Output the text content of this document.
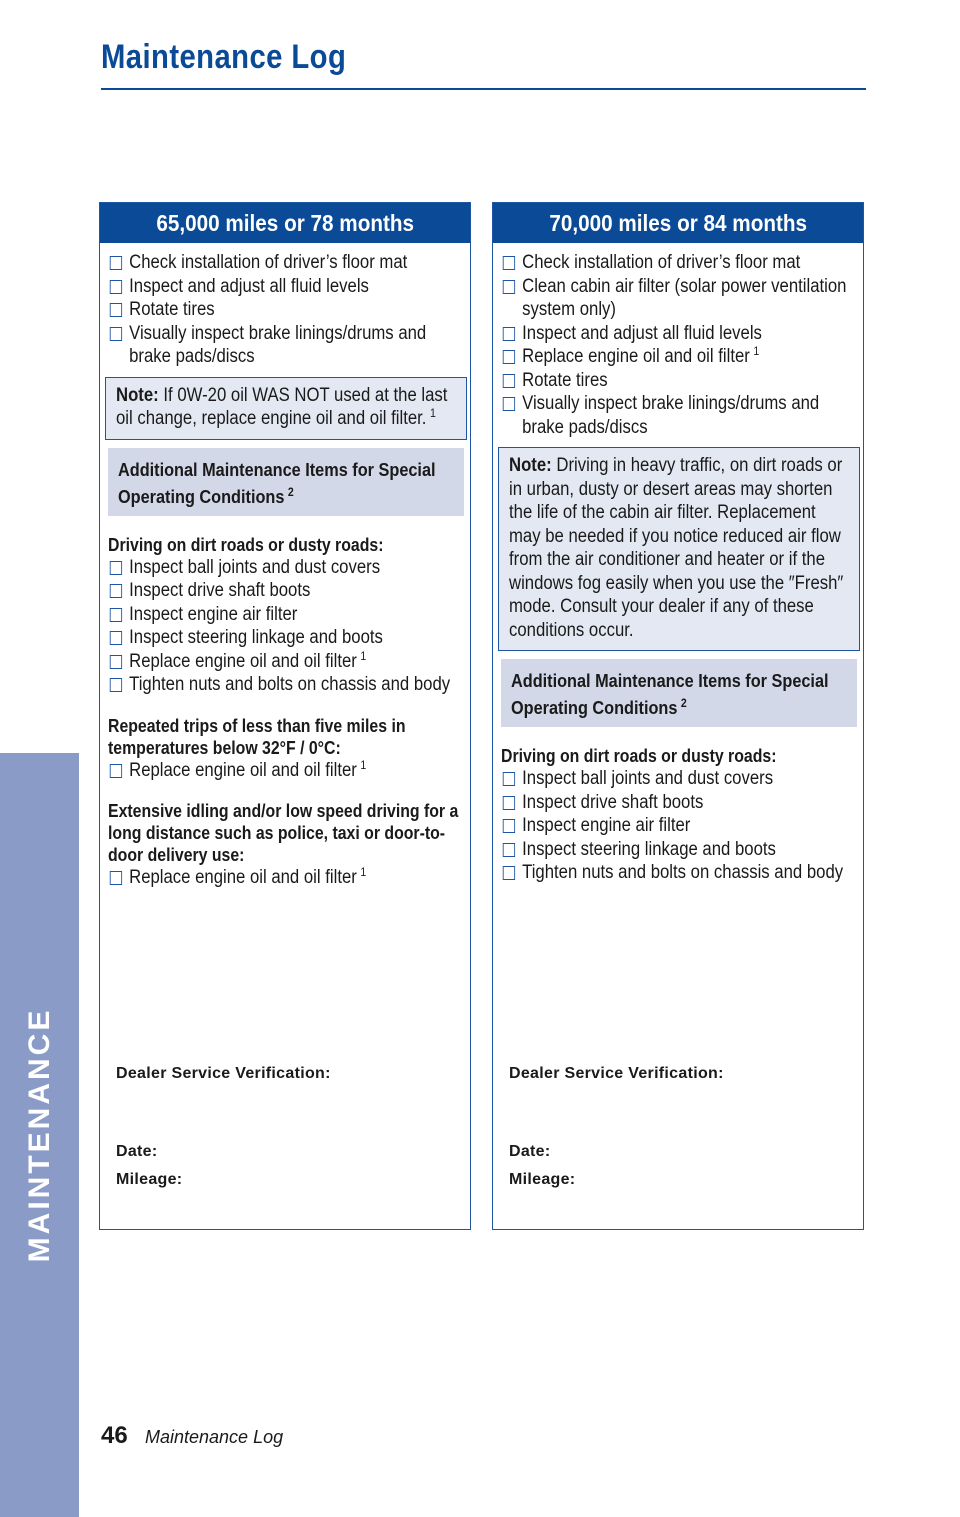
Maintenance Log
MAINTENANCE
65,000 miles or 78 months
Check installation of driver’s floor mat
Inspect and adjust all fluid levels
Rotate tires
Visually inspect brake linings/drums and brake pads/discs
Note: If 0W-20 oil WAS NOT used at the last oil change, replace engine oil and oil filter. $^1$
Additional Maintenance Items for Special Operating Conditions $^2$
Driving on dirt roads or dusty roads:
Inspect ball joints and dust covers
Inspect drive shaft boots
Inspect engine air filter
Inspect steering linkage and boots
Replace engine oil and oil filter $^1$
Tighten nuts and bolts on chassis and body
Repeated trips of less than five miles in temperatures below 32°F / 0°C:
Replace engine oil and oil filter $^1$
Extensive idling and/or low speed driving for a long distance such as police, taxi or door-to-door delivery use:
Replace engine oil and oil filter $^1$
Dealer Service Verification:
Date:
Mileage:
70,000 miles or 84 months
Check installation of driver’s floor mat
Clean cabin air filter (solar power ventilation system only)
Inspect and adjust all fluid levels
Replace engine oil and oil filter $^1$
Rotate tires
Visually inspect brake linings/drums and brake pads/discs
Note: Driving in heavy traffic, on dirt roads or in urban, dusty or desert areas may shorten the life of the cabin air filter. Replacement may be needed if you notice reduced air flow from the air conditioner and heater or if the windows fog easily when you use the ″Fresh″ mode. Consult your dealer if any of these conditions occur.
Additional Maintenance Items for Special Operating Conditions $^2$
Driving on dirt roads or dusty roads:
Inspect ball joints and dust covers
Inspect drive shaft boots
Inspect engine air filter
Inspect steering linkage and boots
Tighten nuts and bolts on chassis and body
Dealer Service Verification:
Date:
Mileage:
46 Maintenance Log
